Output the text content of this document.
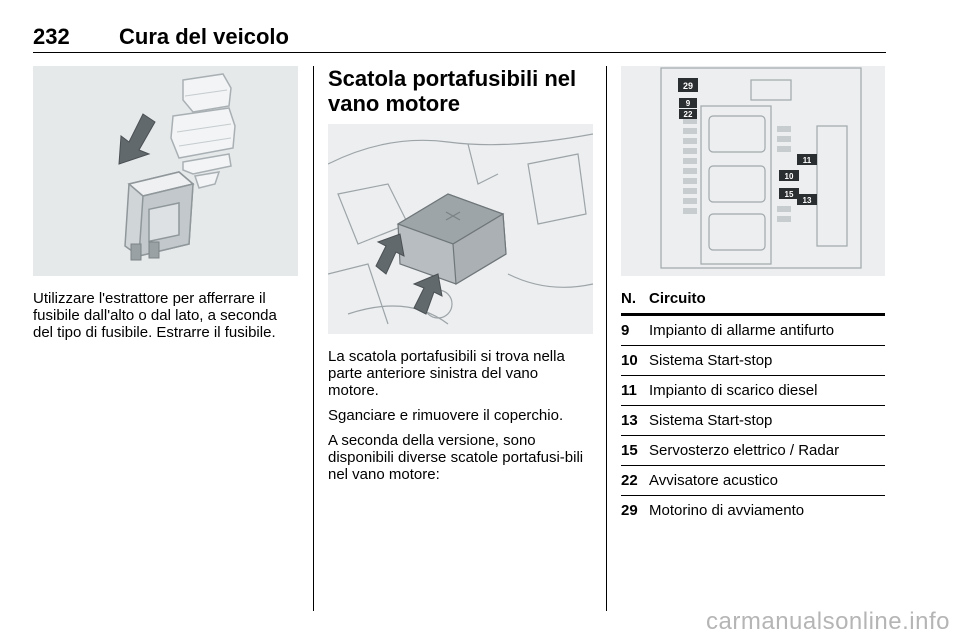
232 Cura del veicolo

Utilizzare l'estrattore per afferrare il fusibile dall'alto o dal lato, a seconda del tipo di fusibile. Estrarre il fusibile.

Scatola portafusibili nel vano motore

La scatola portafusibili si trova nella parte anteriore sinistra del vano motore.

Sganciare e rimuovere il coperchio.

A seconda della versione, sono disponibili diverse scatole portafusi-bili nel vano motore:

29
9
22
11
10
15
13
N. Circuito
9	Impianto di allarme antifurto
10 Sistema Start-stop
11 Impianto di scarico diesel
13 Sistema Start-stop
15 Servosterzo elettrico / Radar
22 Avvisatore acustico
29 Motorino di avviamento
carmanualsonline.info
